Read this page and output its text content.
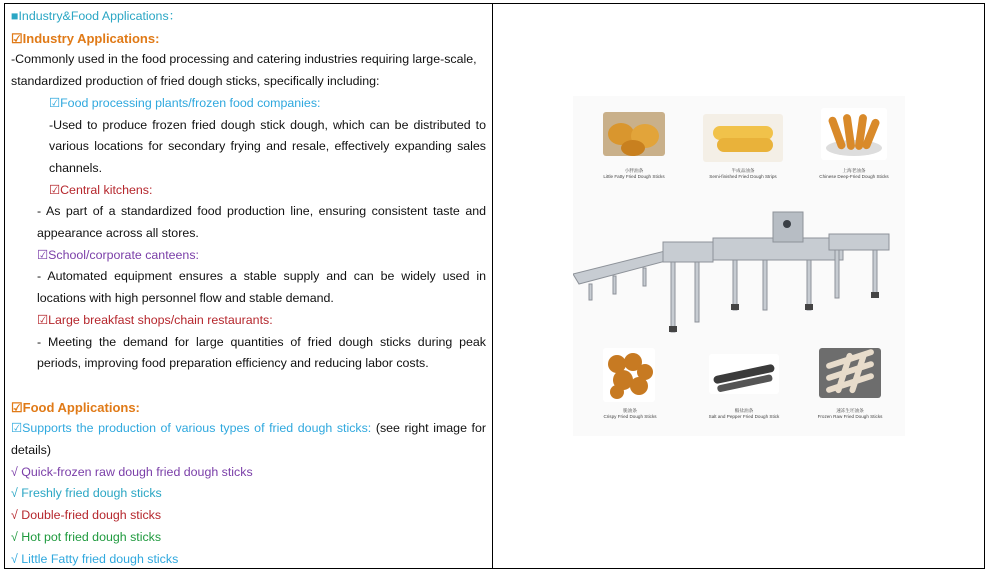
■Industry&Food Applications：
☑Industry Applications:
-Commonly used in the food processing and catering industries requiring large-scale,
standardized production of fried dough sticks, specifically including:
☑Food processing plants/frozen food companies:
-Used to produce frozen fried dough stick dough, which can be distributed to
various locations for secondary frying and resale, effectively expanding sales
channels.
☑Central kitchens:
- As part of a standardized food production line, ensuring consistent taste and
appearance across all stores.
☑School/corporate canteens:
- Automated equipment ensures a stable supply and can be widely used in
locations with high personnel flow and stable demand.
☑Large breakfast shops/chain restaurants:
- Meeting the demand for large quantities of fried dough sticks during peak
periods, improving food preparation efficiency and reducing labor costs.
☑Food Applications:
☑Supports the production of various types of fried dough sticks: (see right image for
details)
√ Quick-frozen raw dough fried dough sticks
√ Freshly fried dough sticks
√ Double-fried dough sticks
√ Hot pot fried dough sticks
√ Little Fatty fried dough sticks
小胖油条
Little Fatty Fried Dough Sticks
半成品油条
Semi-finished Fried Dough Strips
上海老油条
Chinese Deep-Fried Dough Sticks
脆油条
Crispy Fried Dough Sticks
椒盐油条
Salt and Pepper Fried Dough Stick
速冻生坯油条
Frozen Raw Fried Dough Sticks
